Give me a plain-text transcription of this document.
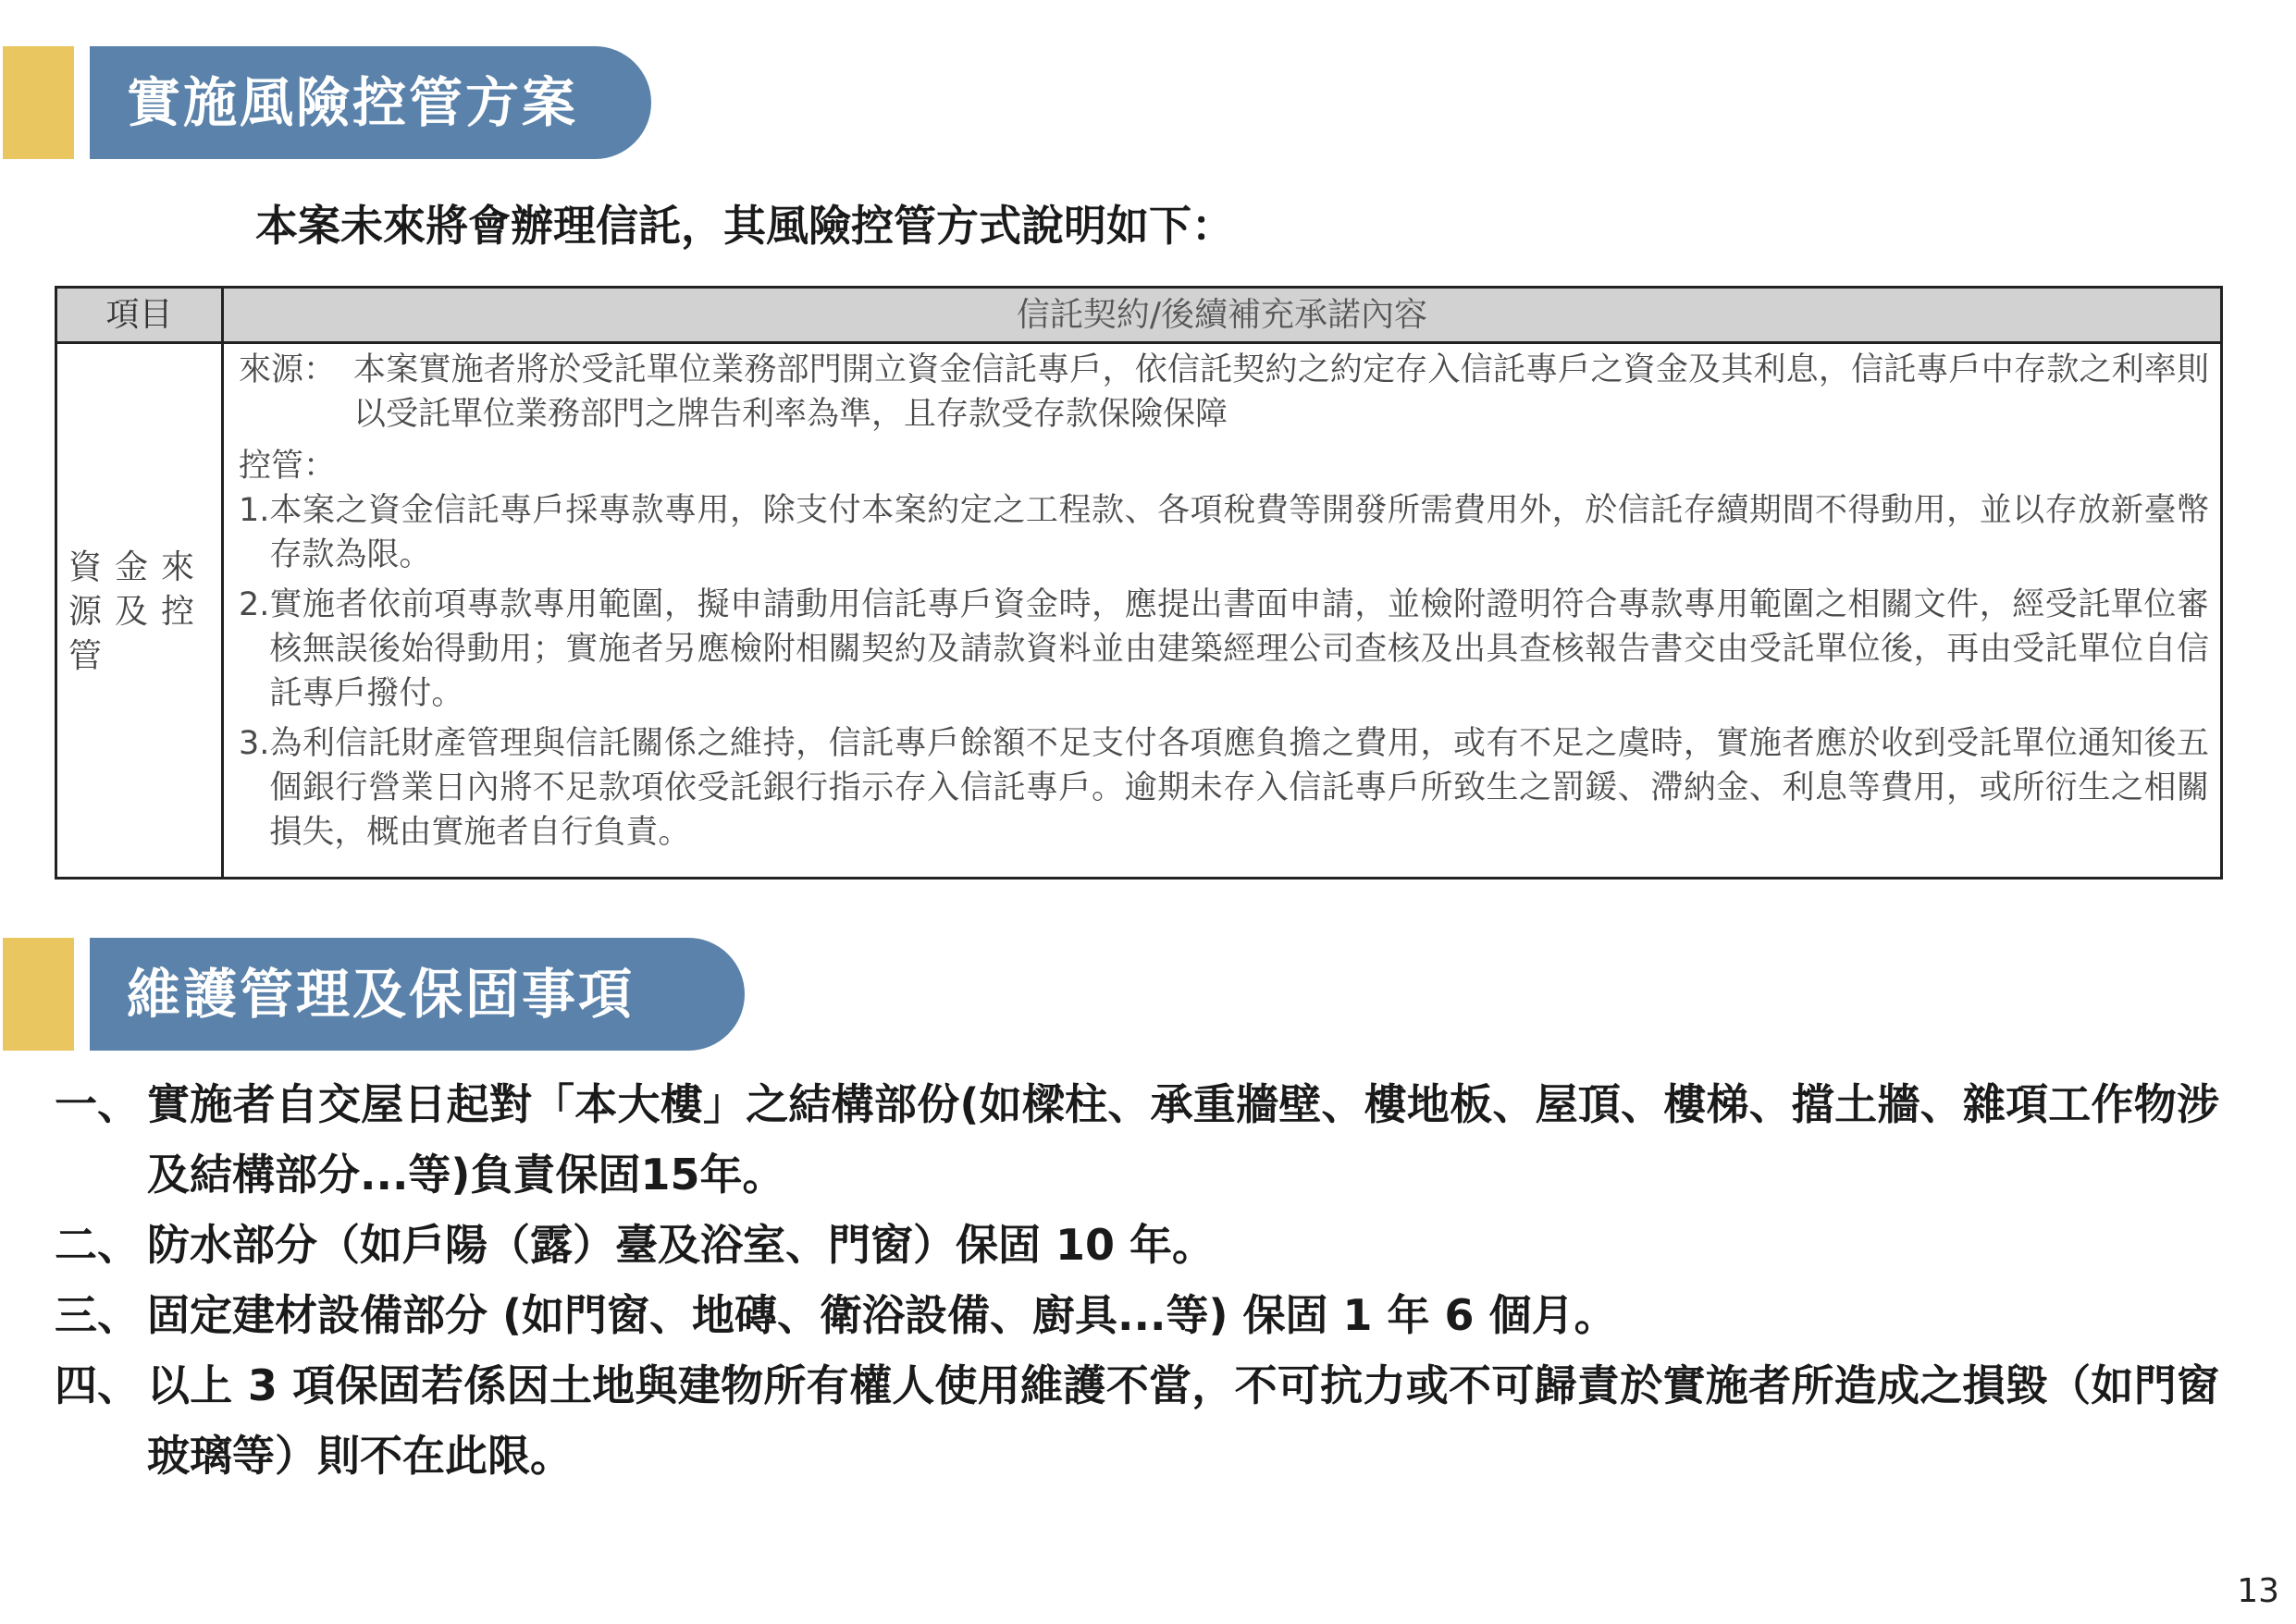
實施風險控管方案
本案未來將會辦理信託，其風險控管方式說明如下：
項目	信託契約/後續補充承諾內容
資金來源及控管
來源： 本案實施者將於受託單位業務部門開立資金信託專戶，依信託契約之約定存入信託專戶之資金及其利息，信託專戶中存款之利率則以受託單位業務部門之牌告利率為準，且存款受存款保險保障

控管：

1. 本案之資金信託專戶採專款專用，除支付本案約定之工程款、各項稅費等開發所需費用外，於信託存續期間不得動用，並以存放新臺幣存款為限。
2. 實施者依前項專款專用範圍，擬申請動用信託專戶資金時，應提出書面申請，並檢附證明符合專款專用範圍之相關文件，經受託單位審核無誤後始得動用；實施者另應檢附相關契約及請款資料並由建築經理公司查核及出具查核報告書交由受託單位後，再由受託單位自信託專戶撥付。
3. 為利信託財產管理與信託關係之維持，信託專戶餘額不足支付各項應負擔之費用，或有不足之虞時，實施者應於收到受託單位通知後五個銀行營業日內將不足款項依受託銀行指示存入信託專戶。逾期未存入信託專戶所致生之罰鍰、滯納金、利息等費用，或所衍生之相關損失，概由實施者自行負責。
維護管理及保固事項
一、 實施者自交屋日起對「本大樓」之結構部份(如樑柱、承重牆壁、樓地板、屋頂、樓梯、擋土牆、雜項工作物涉及結構部分...等)負責保固15年。
二、 防水部分（如戶陽（露）臺及浴室、門窗）保固 10 年。
三、 固定建材設備部分 (如門窗、地磚、衛浴設備、廚具...等) 保固 1 年 6 個月。
四、 以上 3 項保固若係因土地與建物所有權人使用維護不當，不可抗力或不可歸責於實施者所造成之損毀（如門窗玻璃等）則不在此限。
13
